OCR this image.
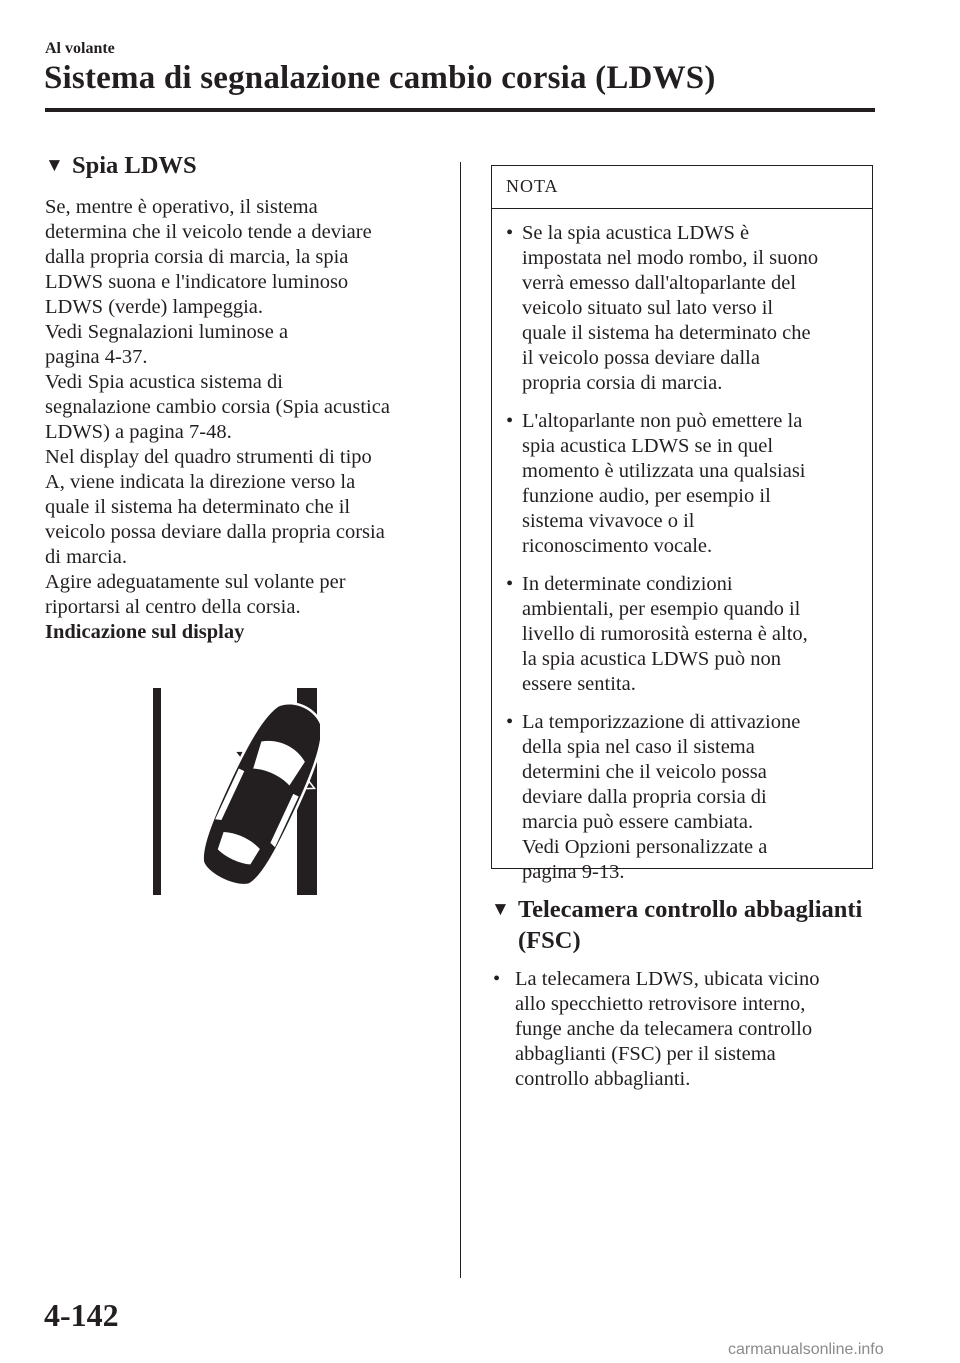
Al volante
Sistema di segnalazione cambio corsia (LDWS)
▼ Spia LDWS

Se, mentre è operativo, il sistema

determina che il veicolo tende a deviare

dalla propria corsia di marcia, la spia

LDWS suona e l'indicatore luminoso

LDWS (verde) lampeggia.

Vedi Segnalazioni luminose a

pagina 4-37.

Vedi Spia acustica sistema di

segnalazione cambio corsia (Spia acustica

LDWS) a pagina 7-48.

Nel display del quadro strumenti di tipo

A, viene indicata la direzione verso la

quale il sistema ha determinato che il

veicolo possa deviare dalla propria corsia

di marcia.

Agire adeguatamente sul volante per

riportarsi al centro della corsia.

Indicazione sul display

NOTA
• Se la spia acustica LDWS è

impostata nel modo rombo, il suono

verrà emesso dall'altoparlante del

veicolo situato sul lato verso il

quale il sistema ha determinato che

il veicolo possa deviare dalla

propria corsia di marcia.

• L'altoparlante non può emettere la

spia acustica LDWS se in quel

momento è utilizzata una qualsiasi

funzione audio, per esempio il

sistema vivavoce o il

riconoscimento vocale.

• In determinate condizioni

ambientali, per esempio quando il

livello di rumorosità esterna è alto,

la spia acustica LDWS può non

essere sentita.

• La temporizzazione di attivazione

della spia nel caso il sistema

determini che il veicolo possa

deviare dalla propria corsia di

marcia può essere cambiata.

Vedi Opzioni personalizzate a

pagina 9-13.

▼ Telecamera controllo abbaglianti
(FSC)
• La telecamera LDWS, ubicata vicino

allo specchietto retrovisore interno,

funge anche da telecamera controllo

abbaglianti (FSC) per il sistema

controllo abbaglianti.

4-142
carmanualsonline.info
